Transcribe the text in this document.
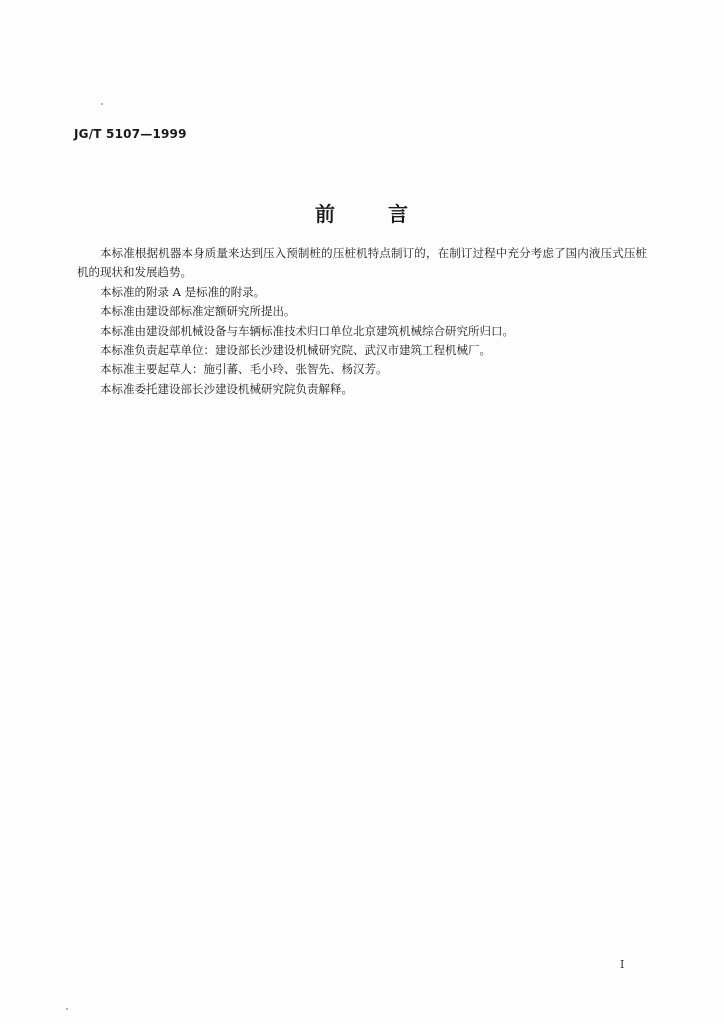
JG/T 5107—1999
前	言

本标准根据机器本身质量来达到压入预制桩的压桩机特点制订的，在制订过程中充分考虑了国内液压式压桩机的现状和发展趋势。

本标准的附录 A 是标准的附录。

本标准由建设部标准定额研究所提出。

本标准由建设部机械设备与车辆标准技术归口单位北京建筑机械综合研究所归口。

本标准负责起草单位：建设部长沙建设机械研究院、武汉市建筑工程机械厂。

本标准主要起草人：施引蕃、毛小玲、张智先、杨汉芳。

本标准委托建设部长沙建设机械研究院负责解释。

I
